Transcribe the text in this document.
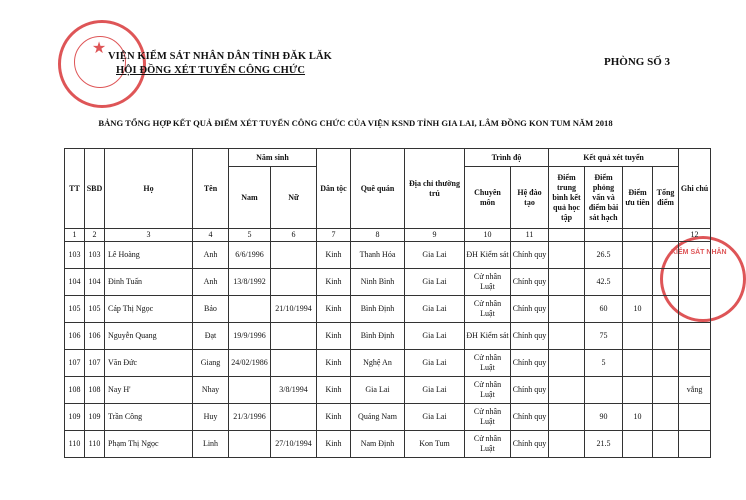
★
KIỂM SÁT NHÂN
VIỆN KIỂM SÁT NHÂN DÂN TỈNH ĐĂK LĂK
HỘI ĐỒNG XÉT TUYỂN CÔNG CHỨC
PHÒNG SỐ 3
BẢNG TỔNG HỢP KẾT QUẢ ĐIỂM XÉT TUYỂN CÔNG CHỨC CỦA VIỆN KSND TỈNH GIA LAI, LÂM ĐỒNG KON TUM NĂM 2018
TT	SBD	Họ	Tên	Năm sinh		Dân tộc	Quê quán	Địa chỉ thường trú	Trình độ		Kết quả xét tuyển				Ghi chú
				Nam	Nữ				Chuyên môn	Hệ đào tạo	Điểm trung bình kết quả học tập	Điểm phỏng vấn và điểm bài sát hạch	Điểm ưu tiên	Tổng điểm	
1	2	3	4	5	6	7	8	9	10	11					12
103	103	Lê Hoàng	Anh	6/6/1996		Kinh	Thanh Hóa	Gia Lai	ĐH Kiểm sát	Chính quy		26.5			
104	104	Đinh Tuấn	Anh	13/8/1992		Kinh	Ninh Bình	Gia Lai	Cử nhân Luật	Chính quy		42.5			
105	105	Cáp Thị Ngọc	Bảo		21/10/1994	Kinh	Bình Định	Gia Lai	Cử nhân Luật	Chính quy		60	10		
106	106	Nguyễn Quang	Đạt	19/9/1996		Kinh	Bình Định	Gia Lai	ĐH Kiểm sát	Chính quy		75			
107	107	Văn Đức	Giang	24/02/1986		Kinh	Nghệ An	Gia Lai	Cử nhân Luật	Chính quy		5			
108	108	Nay H'	Nhay		3/8/1994	Kinh	Gia Lai	Gia Lai	Cử nhân Luật	Chính quy					vắng
109	109	Trần Công	Huy	21/3/1996		Kinh	Quảng Nam	Gia Lai	Cử nhân Luật	Chính quy		90	10		
110	110	Phạm Thị Ngọc	Linh		27/10/1994	Kinh	Nam Định	Kon Tum	Cử nhân Luật	Chính quy		21.5			
